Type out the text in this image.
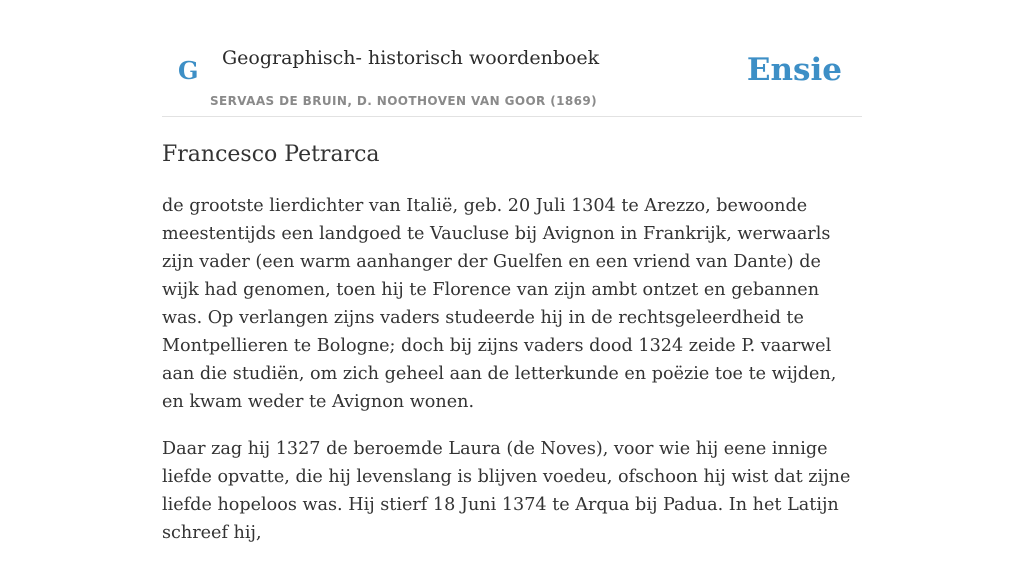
G Geographisch- historisch woordenboek
SERVAAS DE BRUIN, D. NOOTHOVEN VAN GOOR (1869)
Ensie
Francesco Petrarca

de grootste lierdichter van Italië, geb. 20 Juli 1304 te Arezzo, bewoonde meestentijds een landgoed te Vaucluse bij Avignon in Frankrijk, werwaarls zijn vader (een warm aanhanger der Guelfen en een vriend van Dante) de wijk had genomen, toen hij te Florence van zijn ambt ontzet en gebannen was. Op verlangen zijns vaders studeerde hij in de rechtsgeleerdheid te Montpellieren te Bologne; doch bij zijns vaders dood 1324 zeide P. vaarwel aan die studiën, om zich geheel aan de letterkunde en poëzie toe te wijden, en kwam weder te Avignon wonen.

Daar zag hij 1327 de beroemde Laura (de Noves), voor wie hij eene innige liefde opvatte, die hij levenslang is blijven voedeu, ofschoon hij wist dat zijne liefde hopeloos was. Hij stierf 18 Juni 1374 te Arqua bij Padua. In het Latijn schreef hij,
